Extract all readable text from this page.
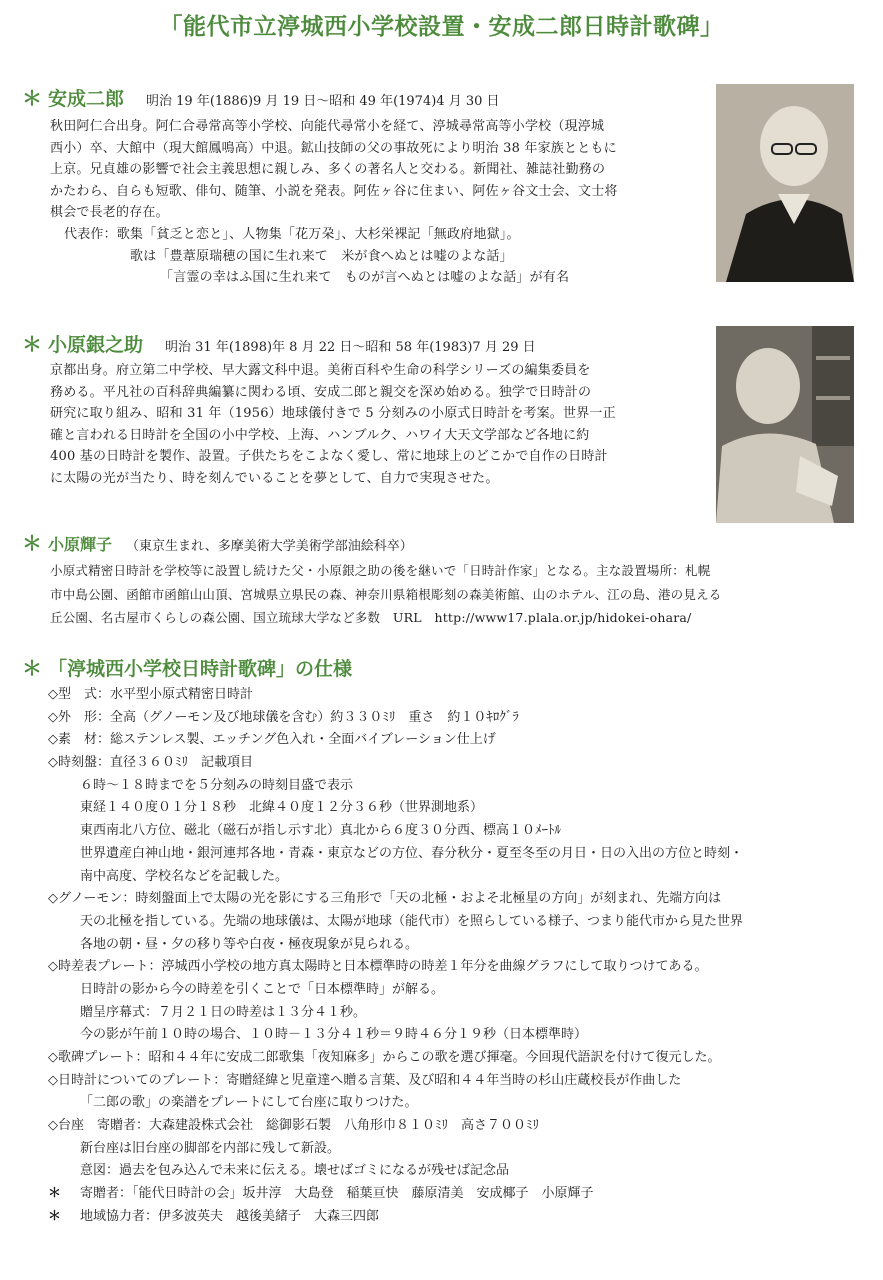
「能代市立渟城西小学校設置・安成二郎日時計歌碑」
＊ 安成二郎 明治 19 年(1886)9 月 19 日～昭和 49 年(1974)4 月 30 日
秋田阿仁合出身。阿仁合尋常高等小学校、向能代尋常小を経て、渟城尋常高等小学校（現渟城
西小）卒、大館中（現大館鳳鳴高）中退。鉱山技師の父の事故死により明治 38 年家族とともに
上京。兄貞雄の影響で社会主義思想に親しみ、多くの著名人と交わる。新聞社、雑誌社勤務の
かたわら、自らも短歌、俳句、随筆、小説を発表。阿佐ヶ谷に住まい、阿佐ヶ谷文士会、文士将
棋会で長老的存在。
代表作：歌集「貧乏と恋と」、人物集「花万朶」、大杉栄裸記「無政府地獄」。
歌は「豊葦原瑞穂の国に生れ来て　米が食へぬとは嘘のよな話」
「言霊の幸はふ国に生れ来て　ものが言へぬとは嘘のよな話」が有名
＊ 小原銀之助 明治 31 年(1898)年 8 月 22 日～昭和 58 年(1983)7 月 29 日
京都出身。府立第二中学校、早大露文科中退。美術百科や生命の科学シリーズの編集委員を
務める。平凡社の百科辞典編纂に関わる頃、安成二郎と親交を深め始める。独学で日時計の
研究に取り組み、昭和 31 年（1956）地球儀付きで 5 分刻みの小原式日時計を考案。世界一正
確と言われる日時計を全国の小中学校、上海、ハンブルク、ハワイ大天文学部など各地に約
400 基の日時計を製作、設置。子供たちをこよなく愛し、常に地球上のどこかで自作の日時計
に太陽の光が当たり、時を刻んでいることを夢として、自力で実現させた。
＊ 小原輝子 （東京生まれ、多摩美術大学美術学部油絵科卒）
小原式精密日時計を学校等に設置し続けた父・小原銀之助の後を継いで「日時計作家」となる。主な設置場所：札幌
市中島公園、函館市函館山山頂、宮城県立県民の森、神奈川県箱根彫刻の森美術館、山のホテル、江の島、港の見える
丘公園、名古屋市くらしの森公園、国立琉球大学など多数　URL　http://www17.plala.or.jp/hidokei-ohara/
＊ 「渟城西小学校日時計歌碑」の仕様
◇型　式：水平型小原式精密日時計
◇外　形：全高（グノーモン及び地球儀を含む）約３３０ﾐﾘ　重さ　約１０ｷﾛｸﾞﾗ
◇素　材：総ステンレス製、エッチング色入れ・全面バイブレーション仕上げ
◇時刻盤：直径３６０ﾐﾘ　記載項目
６時～１８時までを５分刻みの時刻目盛で表示
東経１４０度０１分１８秒　北緯４０度１２分３６秒（世界測地系）
東西南北八方位、磁北（磁石が指し示す北）真北から６度３０分西、標高１０ﾒｰﾄﾙ
世界遺産白神山地・銀河連邦各地・青森・東京などの方位、春分秋分・夏至冬至の月日・日の入出の方位と時刻・
南中高度、学校名などを記載した。
◇グノーモン：時刻盤面上で太陽の光を影にする三角形で「天の北極・およそ北極星の方向」が刻まれ、先端方向は
天の北極を指している。先端の地球儀は、太陽が地球（能代市）を照らしている様子、つまり能代市から見た世界
各地の朝・昼・夕の移り等や白夜・極夜現象が見られる。
◇時差表プレート：渟城西小学校の地方真太陽時と日本標準時の時差１年分を曲線グラフにして取りつけてある。
日時計の影から今の時差を引くことで「日本標準時」が解る。
贈呈序幕式：７月２１日の時差は１３分４１秒。
今の影が午前１０時の場合、１０時－１３分４１秒＝９時４６分１９秒（日本標準時）
◇歌碑プレート：昭和４４年に安成二郎歌集「夜知麻多」からこの歌を選び揮毫。今回現代語訳を付けて復元した。
◇日時計についてのプレート：寄贈経緯と児童達へ贈る言葉、及び昭和４４年当時の杉山庄蔵校長が作曲した
「二郎の歌」の楽譜をプレートにして台座に取りつけた。
◇台座　寄贈者：大森建設株式会社　総御影石製　八角形巾８１０ﾐﾘ　高さ７００ﾐﾘ
新台座は旧台座の脚部を内部に残して新設。
意図：過去を包み込んで未来に伝える。壊せばゴミになるが残せば記念品
＊ 寄贈者：「能代日時計の会」坂井淳　大島登　稲葉亘快　藤原清美　安成椰子　小原輝子
＊ 地域協力者：伊多波英夫　越後美緒子　大森三四郎
